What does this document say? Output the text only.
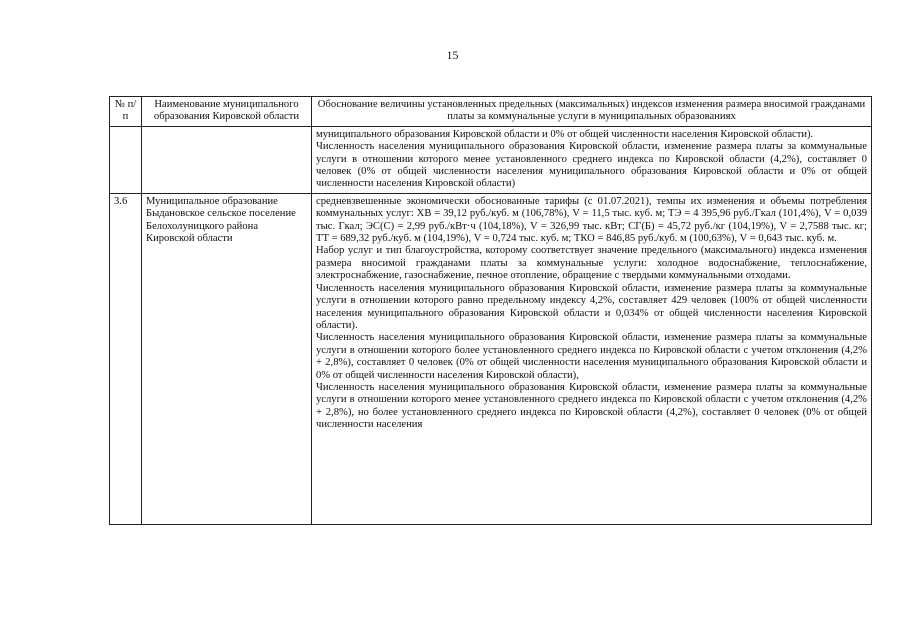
15
№ п/п	Наименование муниципального образования Кировской области	Обоснование величины установленных предельных (максимальных) индексов изменения размера вносимой гражданами платы за коммунальные услуги в муниципальных образованиях

		муниципального образования Кировской области и 0% от общей численности населения Кировской области).

Численность населения муниципального образования Кировской области, изменение размера платы за коммунальные услуги в отношении которого менее установленного среднего индекса по Кировской области (4,2%), составляет 0 человек (0% от общей численности населения муниципального образования Кировской области и 0% от общей численности населения Кировской области)

3.6	Муниципальное образование Быдановское сельское поселение Белохолуницкого района Кировской области	средневзвешенные экономически обоснованные тарифы (с 01.07.2021), темпы их изменения и объемы потребления коммунальных услуг: ХВ = 39,12 руб./куб. м (106,78%), V = 11,5 тыс. куб. м; ТЭ = 4 395,96 руб./Гкал (101,4%), V = 0,039 тыс. Гкал; ЭС(С) = 2,99 руб./кВт·ч (104,18%), V = 326,99 тыс. кВт; СГ(Б) = 45,72 руб./кг (104,19%), V = 2,7588 тыс. кг; ТТ = 689,32 руб./куб. м (104,19%), V = 0,724 тыс. куб. м; ТКО = 846,85 руб./куб. м (100,63%), V = 0,643 тыс. куб. м.

Набор услуг и тип благоустройства, которому соответствует значение предельного (максимального) индекса изменения размера вносимой гражданами платы за коммунальные услуги: холодное водоснабжение, теплоснабжение, электроснабжение, газоснабжение, печное отопление, обращение с твердыми коммунальными отходами.

Численность населения муниципального образования Кировской области, изменение размера платы за коммунальные услуги в отношении которого равно предельному индексу 4,2%, составляет 429 человек (100% от общей численности населения муниципального образования Кировской области и 0,034% от общей численности населения Кировской области).

Численность населения муниципального образования Кировской области, изменение размера платы за коммунальные услуги в отношении которого более установленного среднего индекса по Кировской области с учетом отклонения (4,2% + 2,8%), составляет 0 человек (0% от общей численности населения муниципального образования Кировской области и 0% от общей численности населения Кировской области),

Численность населения муниципального образования Кировской области, изменение размера платы за коммунальные услуги в отношении которого менее установленного среднего индекса по Кировской области с учетом отклонения (4,2% + 2,8%), но более установленного среднего индекса по Кировской области (4,2%), составляет 0 человек (0% от общей численности населения
